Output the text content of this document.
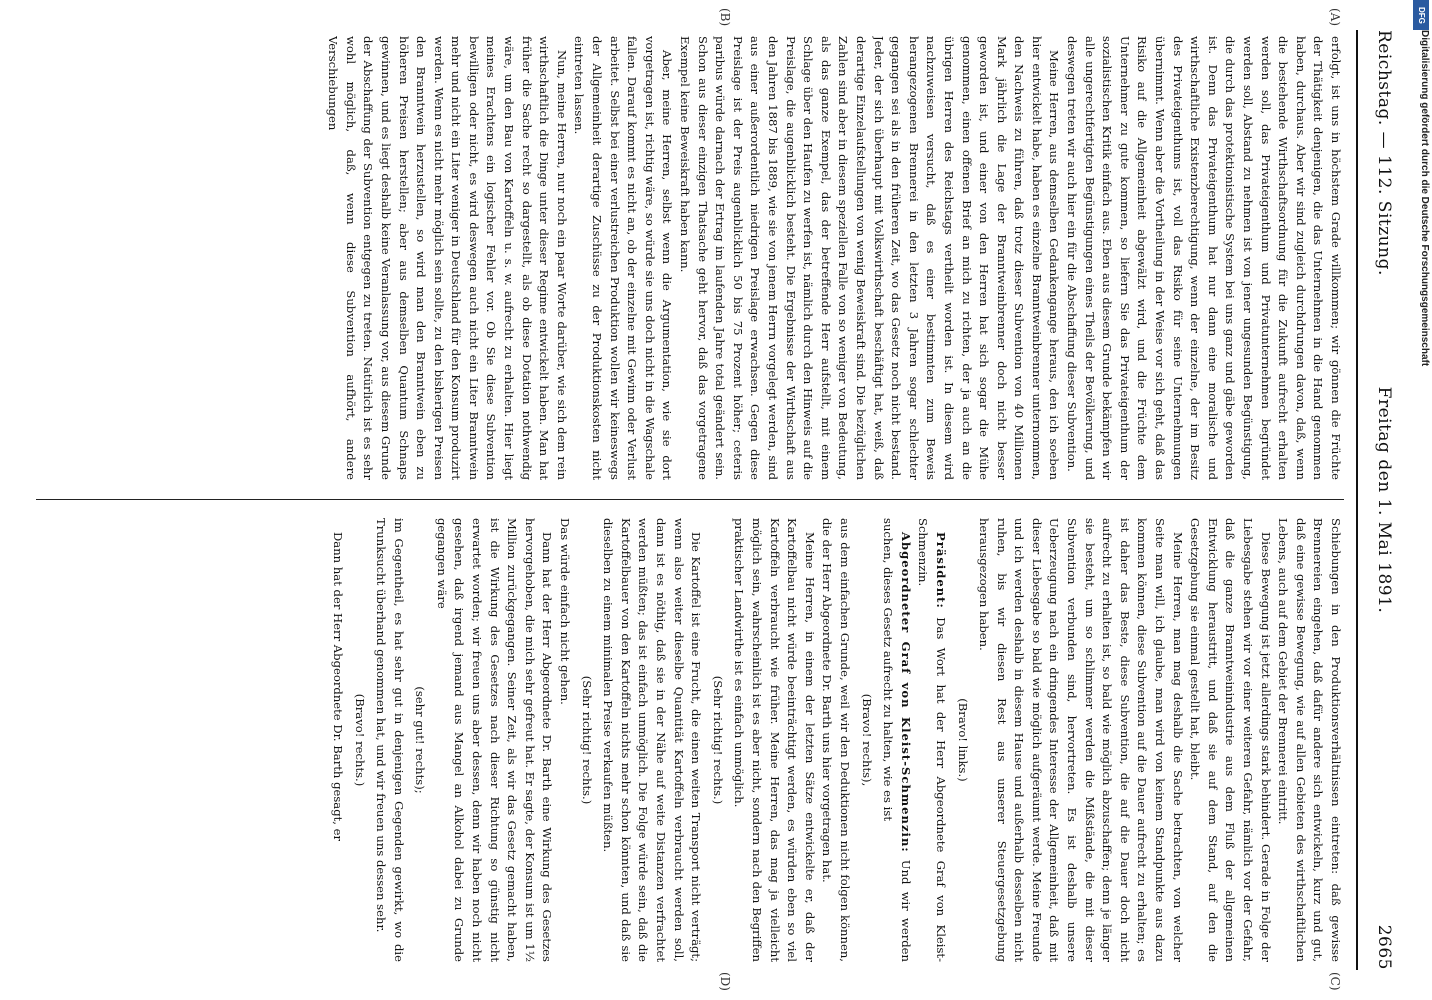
Reichstag. — 112. Sitzung.
Freitag den 1. Mai 1891.
2665
(A)
(B)
(C)
(D)

erfolgt, ist uns in höchstem Grade willkommen; wir gönnen die Früchte der Thätigkeit denjenigen, die das Unternehmen in die Hand genommen haben, durchaus. Aber wir sind zugleich durchdrungen davon, daß, wenn die bestehende Wirthschaftsordnung für die Zukunft aufrecht erhalten werden soll, das Privateigenthum und Privatunternehmen begründet werden soll, Abstand zu nehmen ist von jener ungesunden Begünstigung, die durch das protektionistische System bei uns ganz und gäbe geworden ist. Denn das Privateigenthum hat nur dann eine moralische und wirthschaftliche Existenzberechtigung, wenn der einzelne, der im Besitz des Privateigenthums ist, voll das Risiko für seine Unternehmungen übernimmt. Wenn aber die Vortheilung in der Weise vor sich geht, daß das Risiko auf die Allgemeinheit abgewälzt wird, und die Früchte dem Unternehmer zu gute kommen, so liefern Sie das Privateigenthum der sozialistischen Kritik einfach aus. Eben aus diesem Grunde bekämpfen wir alle ungerechtfertigten Begünstigungen eines Theils der Bevölkerung, und deswegen treten wir auch hier ein für die Abschaffung dieser Subvention.

Meine Herren, aus demselben Gedankengange heraus, den ich soeben hier entwickelt habe, haben es einzelne Branntweinbrenner unternommen, den Nachweis zu führen, daß trotz dieser Subvention von 40 Millionen Mark jährlich die Lage der Branntweinbrenner doch nicht besser geworden ist, und einer von den Herren hat sich sogar die Mühe genommen, einen offenen Brief an mich zu richten, der ja auch an die übrigen Herren des Reichstags vertheilt worden ist. In diesem wird nachzuweisen versucht, daß es einer bestimmten zum Beweis herangezogenen Brennerei in den letzten 3 Jahren sogar schlechter gegangen sei als in den früheren Zeit, wo das Gesetz noch nicht bestand. Jeder, der sich überhaupt mit Volkswirthschaft beschäftigt hat, weiß, daß derartige Einzelaufstellungen von wenig Beweiskraft sind. Die bezüglichen Zahlen sind aber in diesem speziellen Falle von so weniger von Bedeutung, als das ganze Exempel, das der betreffende Herr aufstellt, mit einem Schlage über den Haufen zu werfen ist, nämlich durch den Hinweis auf die Preislage, die augenblicklich besteht. Die Ergebnisse der Wirthschaft aus den Jahren 1887 bis 1889, wie sie von jenem Herrn vorgelegt werden, sind aus einer außerordentlich niedrigen Preislage erwachsen. Gegen diese Preislage ist der Preis augenblicklich 50 bis 75 Prozent höher; ceteris paribus würde darnach der Ertrag im laufenden Jahre total geändert sein. Schon aus dieser einzigen Thatsache geht hervor, daß das vorgetragene Exempel keine Beweiskraft haben kann.

Aber, meine Herren, selbst wenn die Argumentation, wie sie dort vorgetragen ist, richtig wäre, so würde sie uns doch nicht in die Wagschale fallen. Darauf kommt es nicht an, ob der einzelne mit Gewinn oder Verlust arbeitet. Selbst bei einer verlustreichen Produktion wollen wir keineswegs der Allgemeinheit derartige Zuschüsse zu der Produktionskosten nicht eintreten lassen.

Nun, meine Herren, nur noch ein paar Worte darüber, wie sich dem rein wirthschaftlich die Dinge unter dieser Regime entwickelt haben. Man hat früher die Sache recht so dargestellt, als ob diese Dotation nothwendig wäre, um den Bau von Kartoffeln u. s. w. aufrecht zu erhalten. Hier liegt meines Erachtens ein logischer Fehler vor. Ob Sie diese Subvention bewilligen oder nicht, es wird deswegen auch nicht ein Liter Branntwein mehr und nicht ein Liter weniger in Deutschland für den Konsum produzirt werden. Wenn es nicht mehr möglich sein sollte, zu den bisherigen Preisen den Branntwein herzustellen, so wird man den Branntwein eben zu höheren Preisen herstellen; aber aus demselben Quantum Schnaps gewinnen, und es liegt deshalb keine Veranlassung vor, aus diesem Grunde der Abschaffung der Subvention entgegen zu treten. Natürlich ist es sehr wohl möglich, daß, wenn diese Subvention aufhört, andere Verschiebungen

Schiebungen in den Produktionsverhältnissen eintreten: daß gewisse Brennereien eingehen, daß dafür andere sich entwickeln, kurz und gut, daß eine gewisse Bewegung, wie auf allen Gebieten des wirthschaftlichen Lebens, auch auf dem Gebiet der Brennerei eintritt.

Diese Bewegung ist jetzt allerdings stark behindert. Gerade in Folge der Liebesgabe stehen wir vor einer weiteren Gefahr, nämlich vor der Gefahr, daß die ganze Branntweinindustrie aus dem Fluß der allgemeinen Entwicklung heraustritt, und daß sie auf dem Stand, auf den die Gesetzgebung sie einmal gestellt hat, bleibt.

Meine Herren, man mag deshalb die Sache betrachten, von welcher Seite man will, ich glaube, man wird von keinem Standpunkte aus dazu kommen können, diese Subvention auf die Dauer aufrecht zu erhalten; es ist daher das Beste, diese Subvention, die auf die Dauer doch nicht aufrecht zu erhalten ist, so bald wie möglich abzuschaffen; denn je länger sie besteht, um so schlimmer werden die Mißstände, die mit dieser Subvention verbunden sind, hervortreten. Es ist deshalb unsere Ueberzeugung nach ein dringendes Interesse der Allgemeinheit, daß mit dieser Liebesgabe so bald wie möglich aufgeräumt werde. Meine Freunde und ich werden deshalb in diesem Hause und außerhalb desselben nicht ruhen, bis wir diesen Rest aus unserer Steuergesetzgebung herausgezogen haben.

(Bravo! links.)

Präsident: Das Wort hat der Herr Abgeordnete Graf von Kleist-Schmenzin.

Abgeordneter Graf von Kleist-Schmenzin: Und wir werden suchen, dieses Gesetz aufrecht zu halten, wie es ist

(Bravo! rechts),

aus dem einfachen Grunde, weil wir den Deduktionen nicht folgen können, die der Herr Abgeordnete Dr. Barth uns hier vorgetragen hat.

Meine Herren, in einem der letzten Sätze entwickelte er, daß der Kartoffelbau nicht würde beeinträchtigt werden, es würden eben so viel Kartoffeln verbraucht wie früher. Meine Herren, das mag ja vielleicht möglich sein, wahrscheinlich ist es aber nicht, sondern nach den Begriffen praktischer Landwirthe ist es einfach unmöglich.

(Sehr richtig! rechts.)

Die Kartoffel ist eine Frucht, die einen weiten Transport nicht verträgt; wenn also weiter dieselbe Quantität Kartoffeln verbraucht werden soll, dann ist es nöthig, daß sie in der Nähe auf weite Distanzen verfrachtet werden müßten; das ist einfach unmöglich. Die Folge würde sein, daß die Kartoffelbauer von den Kartoffeln nichts mehr schon könnten, und daß sie dieselben zu einem minimalen Preise verkaufen müßten.

(Sehr richtig! rechts.)

Das würde einfach nicht gehen.

Dann hat der Herr Abgeordnete Dr. Barth eine Wirkung des Gesetzes hervorgehoben, die mich sehr gefreut hat. Er sagte, der Konsum ist um 1½ Million zurückgegangen. Seiner Zeit, als wir das Gesetz gemacht haben, ist die Wirkung des Gesetzes nach dieser Richtung so günstig nicht erwartet worden; wir freuen uns aber dessen, denn wir haben noch nicht gesehen, daß irgend jemand aus Mangel an Alkohol dabei zu Grunde gegangen wäre

(sehr gut! rechts);

im Gegentheil, es hat sehr gut in denjenigen Gegenden gewirkt, wo die Trunksucht überhand genommen hat, und wir freuen uns dessen sehr.

(Bravo! rechts.)

Dann hat der Herr Abgeordnete Dr. Barth gesagt, er

DFG
Digitalisierung gefördert durch die Deutsche Forschungsgemeinschaft
